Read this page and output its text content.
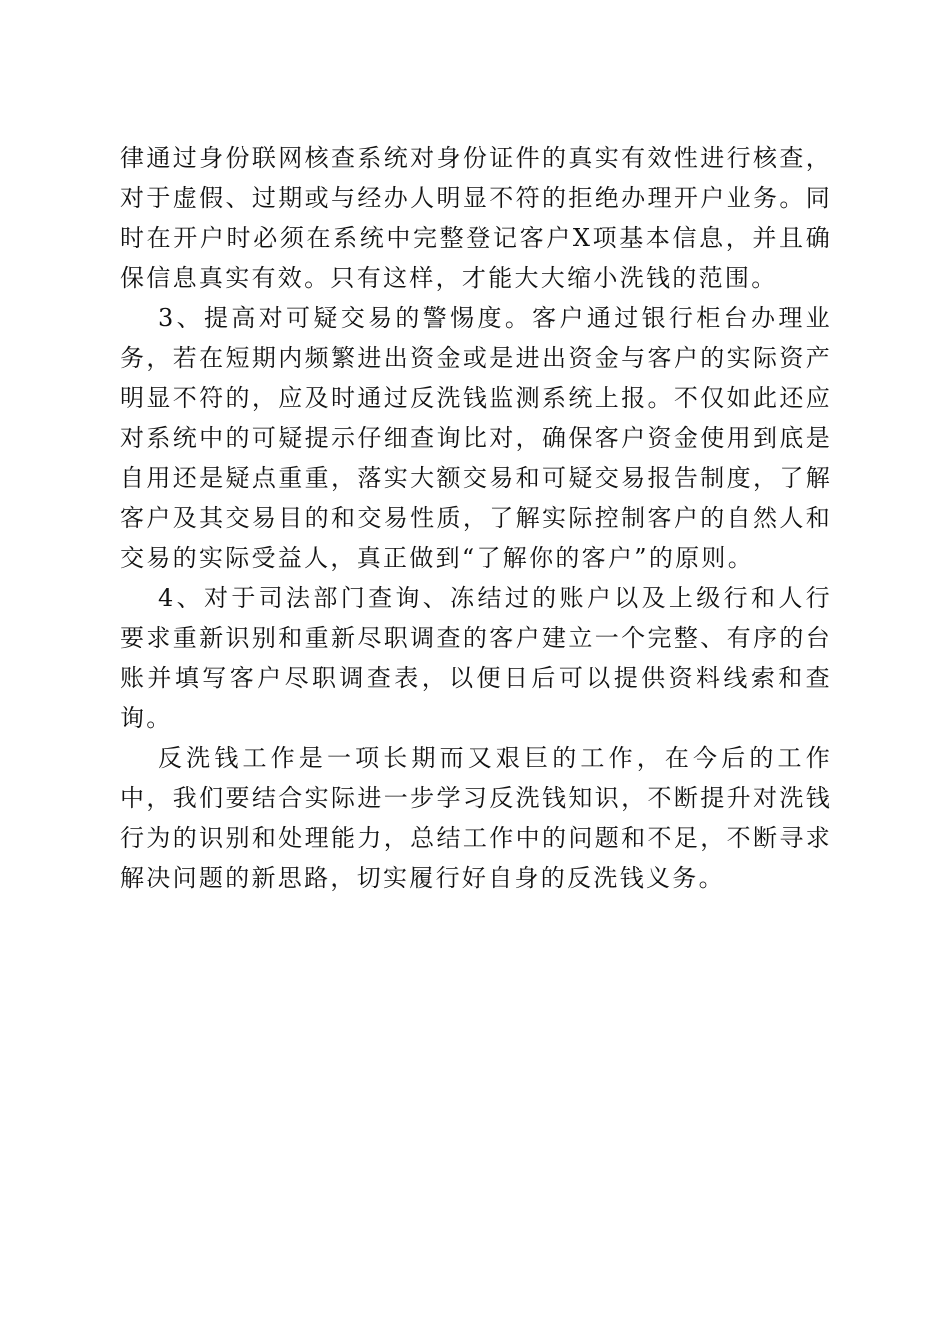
律通过身份联网核查系统对身份证件的真实有效性进行核查，对于虚假、过期或与经办人明显不符的拒绝办理开户业务。同时在开户时必须在系统中完整登记客户X项基本信息，并且确保信息真实有效。只有这样，才能大大缩小洗钱的范围。

3、提高对可疑交易的警惕度。客户通过银行柜台办理业务，若在短期内频繁进出资金或是进出资金与客户的实际资产明显不符的，应及时通过反洗钱监测系统上报。不仅如此还应对系统中的可疑提示仔细查询比对，确保客户资金使用到底是自用还是疑点重重，落实大额交易和可疑交易报告制度，了解客户及其交易目的和交易性质，了解实际控制客户的自然人和交易的实际受益人，真正做到“了解你的客户”的原则。

4、对于司法部门查询、冻结过的账户以及上级行和人行要求重新识别和重新尽职调查的客户建立一个完整、有序的台账并填写客户尽职调查表，以便日后可以提供资料线索和查询。

反洗钱工作是一项长期而又艰巨的工作，在今后的工作中，我们要结合实际进一步学习反洗钱知识，不断提升对洗钱行为的识别和处理能力，总结工作中的问题和不足，不断寻求解决问题的新思路，切实履行好自身的反洗钱义务。
